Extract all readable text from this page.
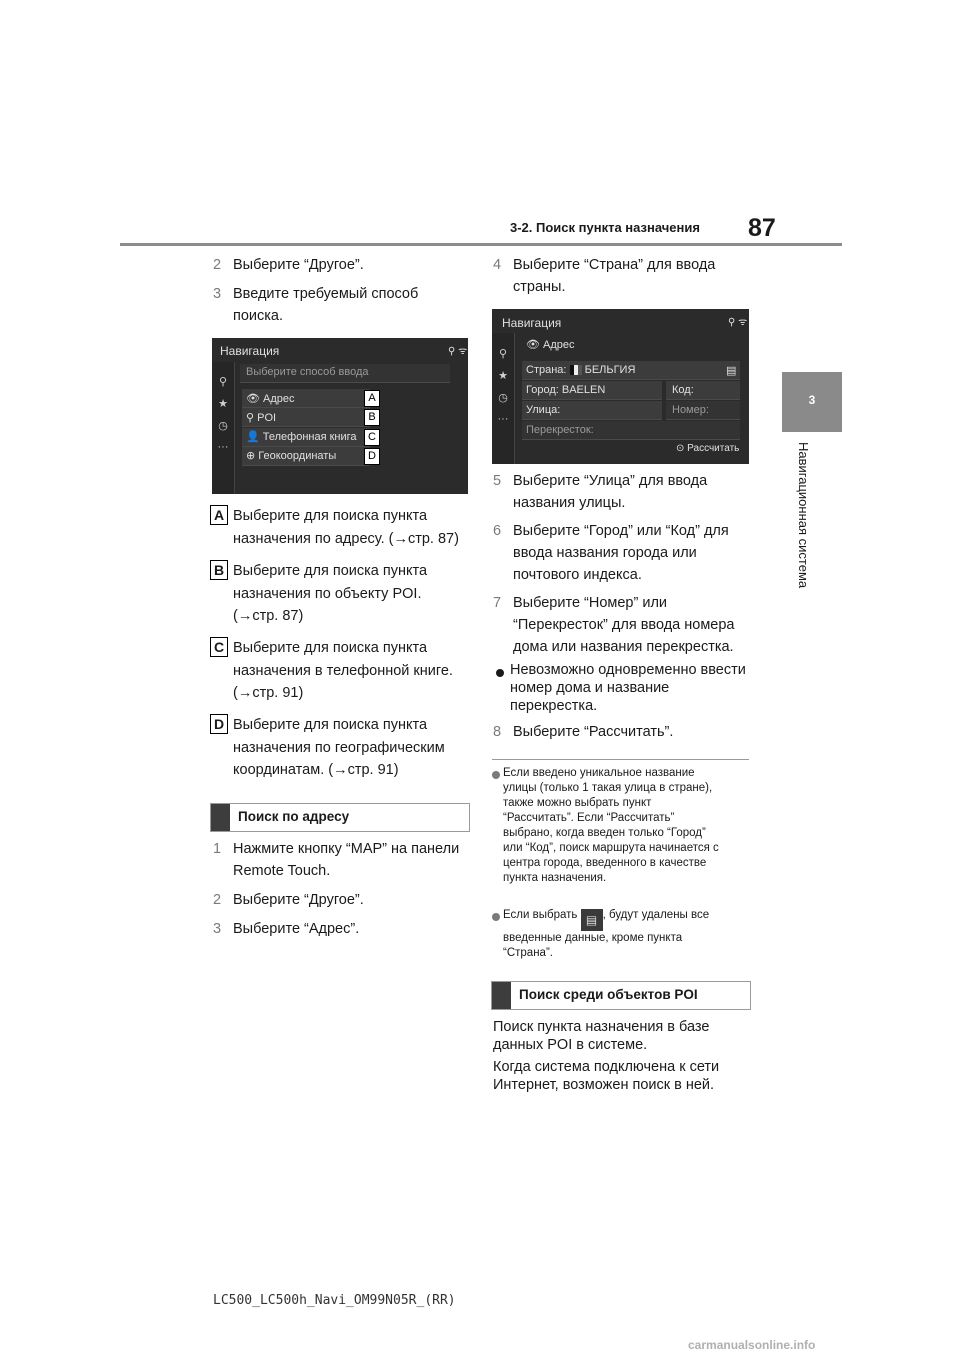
3-2. Поиск пункта назначения 87
3
Навигационная система
2 Выберите “Другое”.
3 Введите требуемый способ
поиска.
Навигация	⚲ ᯤ
⚲
★
◷
···
Выберите способ ввода
👁 Адрес
⚲ POI
👤 Телефонная книга
⊕ Геокоординаты
A
B
C
D
A Выберите для поиска пункта
назначения по адресу. (→стр. 87)
B Выберите для поиска пункта
назначения по объекту POI.
(→стр. 87)
C Выберите для поиска пункта
назначения в телефонной книге.
(→стр. 91)
D Выберите для поиска пункта
назначения по географическим
координатам. (→стр. 91)
Поиск по адресу
1 Нажмите кнопку “MAP” на панели
Remote Touch.
2 Выберите “Другое”.
3 Выберите “Адрес”.
4 Выберите “Страна” для ввода
страны.
Навигация	⚲ ᯤ
⚲
★
◷
···
👁 Адрес
Страна: БЕЛЬГИЯ	▤
Город: BAELEN	Код:
Улица:	Номер:
Перекресток:
⊙ Рассчитать
5 Выберите “Улица” для ввода
названия улицы.
6 Выберите “Город” или “Код” для
ввода названия города или
почтового индекса.
7 Выберите “Номер” или
“Перекресток” для ввода номера
дома или названия перекрестка.
Невозможно одновременно ввести
номер дома и название
перекрестка.
8 Выберите “Рассчитать”.
Если введено уникальное название
улицы (только 1 такая улица в стране),
также можно выбрать пункт
“Рассчитать”. Если “Рассчитать”
выбрано, когда введен только “Город”
или “Код”, поиск маршрута начинается с
центра города, введенного в качестве
пункта назначения.
Если выбрать ▤ , будут удалены все
введенные данные, кроме пункта
“Страна”.
Поиск среди объектов POI
Поиск пункта назначения в базе
данных POI в системе.
Когда система подключена к сети
Интернет, возможен поиск в ней.
LC500_LC500h_Navi_OM99N05R_(RR)
carmanualsonline.info
